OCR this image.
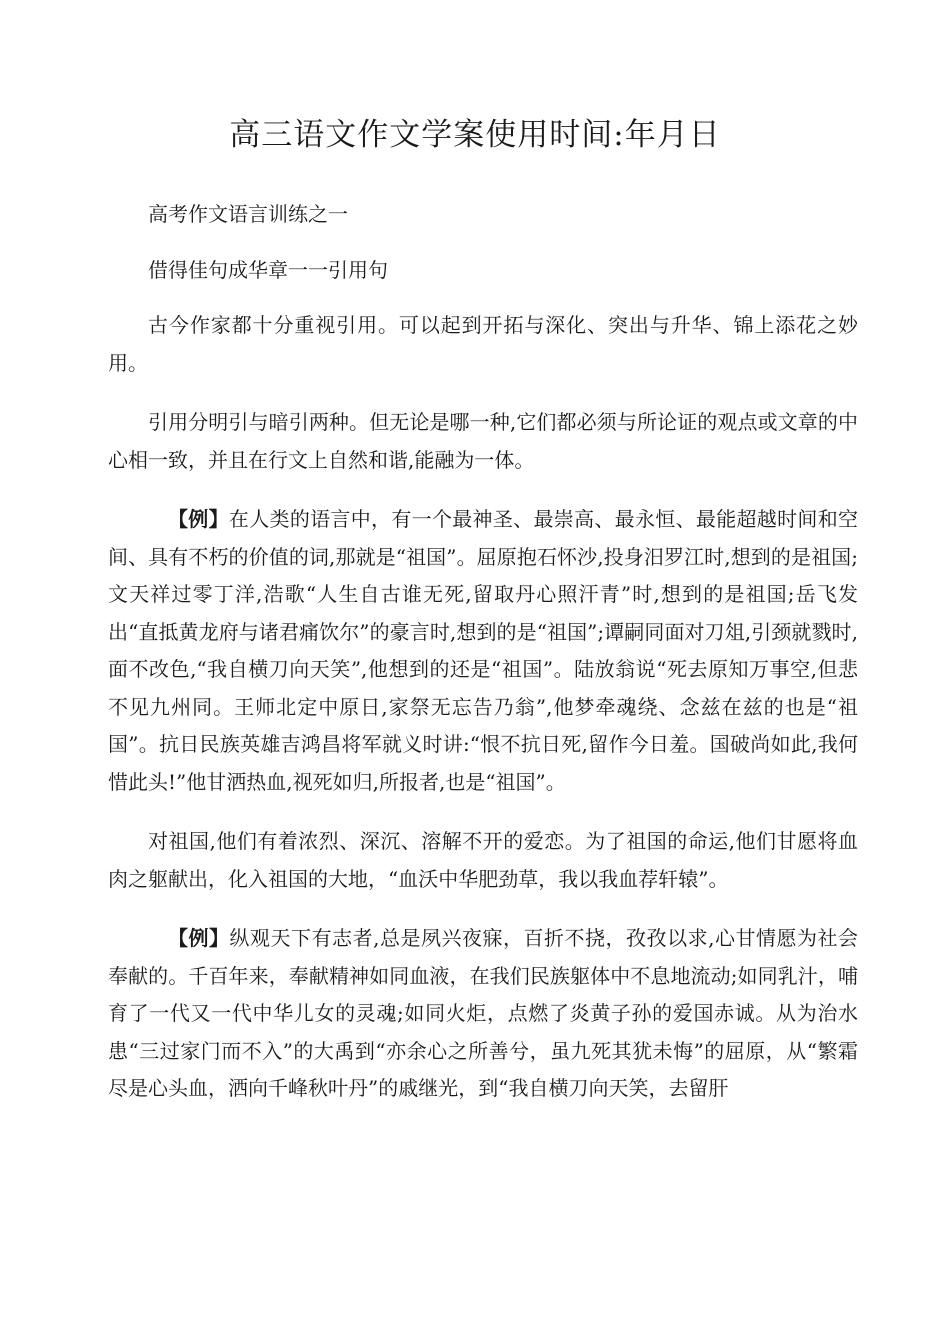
高三语文作文学案使用时间:年月日

高考作文语言训练之一

借得佳句成华章一一引用句

古今作家都十分重视引用。可以起到开拓与深化、突出与升华、锦上添花之妙用。

引用分明引与暗引两种。但无论是哪一种,它们都必须与所论证的观点或文章的中心相一致，并且在行文上自然和谐,能融为一体。

【例】在人类的语言中，有一个最神圣、最崇高、最永恒、最能超越时间和空间、具有不朽的价值的词,那就是“祖国”。屈原抱石怀沙,投身汨罗江时,想到的是祖国;文天祥过零丁洋,浩歌“人生自古谁无死,留取丹心照汗青”时,想到的是祖国;岳飞发出“直抵黄龙府与诸君痛饮尔”的豪言时,想到的是“祖国”;谭嗣同面对刀俎,引颈就戮时,面不改色,“我自横刀向天笑”,他想到的还是“祖国”。陆放翁说“死去原知万事空,但悲不见九州同。王师北定中原日,家祭无忘告乃翁”,他梦牵魂绕、念兹在兹的也是“祖国”。抗日民族英雄吉鸿昌将军就义时讲:“恨不抗日死,留作今日羞。国破尚如此,我何惜此头!”他甘洒热血,视死如归,所报者,也是“祖国”。

对祖国,他们有着浓烈、深沉、溶解不开的爱恋。为了祖国的命运,他们甘愿将血肉之躯献出，化入祖国的大地，“血沃中华肥劲草，我以我血荐轩辕”。

【例】纵观天下有志者,总是夙兴夜寐，百折不挠，孜孜以求,心甘情愿为社会奉献的。千百年来，奉献精神如同血液，在我们民族躯体中不息地流动;如同乳汁，哺育了一代又一代中华儿女的灵魂;如同火炬，点燃了炎黄子孙的爱国赤诚。从为治水患“三过家门而不入”的大禹到“亦余心之所善兮，虽九死其犹未悔”的屈原，从“繁霜尽是心头血，洒向千峰秋叶丹”的戚继光，到“我自横刀向天笑，去留肝
